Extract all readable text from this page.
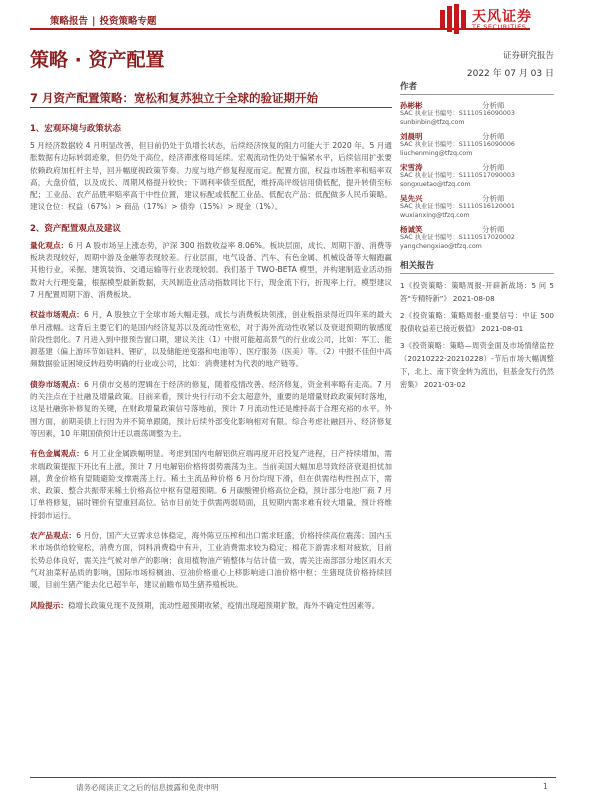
策略报告 | 投资策略专题	天风证券
TF SECURITIES
策略 · 资产配置	证券研究报告
2022 年 07 月 03 日
7 月资产配置策略：宽松和复苏独立于全球的验证期开始
1、宏观环境与政策状态
5 月经济数据较 4 月明显改善，但目前仍处于负增长状态，后续经济恢复的阻力可能大于 2020 年。5 月通胀数据有边际转弱迹象，但仍处于高位，经济滞涨格局延续。宏观流动性仍处于偏紧水平，后续信用扩张要依赖政府加杠杆主导，回升幅度视政策节奏、力度与地产修复程度而定。配置方面，权益市场胜率和赔率双高，大盘价值，以及成长、周期风格提升较快；下调利率债至低配，维持高评级信用债低配，提升转债至标配；工业品、农产品胜率赔率高于中性位置，建议标配或低配工业品、低配农产品；低配做多人民币策略。建议仓位：权益（67%）> 商品（17%）> 债券（15%）> 现金（1%）。
2、资产配置观点及建议
量化观点：6 月 A 股市场呈上涨态势，沪深 300 指数收益率 8.06%。板块层面，成长、周期下游、消费等板块表现较好，周期中游及金融等表现较差。行业层面，电气设备、汽车、有色金属、机械设备等大幅跑赢其他行业，采掘、建筑装饰、交通运输等行业表现较弱。我们基于 TWO-BETA 模型，并构建制造业活动指数对大行理变量，根据模型最新数据，天风制造业活动指数同比下行，现金流下行，折现率上行，模型建议 7 月配置周期下游、消费板块。
权益市场观点：6 月，A 股独立于全球市场大幅走强，成长与消费板块领涨，创业板指录得近四年来的最大单月涨幅。这背后主要它们的是国内经济复苏以及流动性宽松，对于海外流动性收紧以及衰退预期的敏感度阶段性弱化。7 月进入到中报预告窗口期，建议关注（1）中报可能超高景气的行业或公司，比如：军工、能源基建（偏上游环节如硅料、锂矿，以及储能逆变器和电池等）、医疗服务（医美）等。（2）中报不佳但中高频数据验证困境反转趋势明确的行业或公司，比如：消费建材为代表的地产链等。
债券市场观点：6 月债市交易的逻辑在于经济的修复，随着疫情改善、经济修复，资金利率略有走高。7 月的关注点在于社融及增量政策。目前来看，预计央行行动不会太超意外，重要的是增量财政政策何时落地，这是社融弥补修复的关键，在财政增量政策信号落地前，预计 7 月流动性还是维持高于合理充裕的水平。外围方面，前期美债上行因为并不简单跟随，预计后续外部变化影响相对有限。综合考虑社融回升、经济修复等因素，10 年期国债预计还以震荡调整为主。
有色金属观点：6 月工业金属跌幅明显。考虑到国内电解铝供应端再度开启投复产进程，日产持续增加，需求端政策提振下环比有上涨，预计 7 月电解铝价格将弱势震荡为主。当前美国大幅加息导致经济衰退担忧加剧，黄金价格有望随避险支撑震荡上行。稀土主流品种价格 6 月份均现下滑，但在供需结构性拐点下，需求、政策、整合共振带来稀土价格高位中枢有望超预期。6 月碳酸锂价格高位企稳，预计部分电池厂商 7 月订单将修复，届时锂价有望重回高位。钴市目前处于供需两弱局面，且短期内需求难有较大增量，预计将维持弱市运行。
农产品观点：6 月份，国产大豆需求总体稳定，海外陈豆压榨和出口需求旺盛，价格持续高位震荡；国内玉米市场供给较宽松，消费方面，饲料消费稳中有升，工业消费需求较为稳定；棉花下游需求相对疲软，目前长势总体良好，需关注气候对单产的影响；食用植物油产销整体与估计值一致，需关注南部部分地区雨水天气对油菜籽品质的影响，国际市场棕榈油、豆油价格重心上移影响进口油价格中枢；生猪现货价格持续回暖，目前生猪产能去化已超半年，建议前瞻布局生猪养殖板块。
风险提示：稳增长政策兑现不及预期，流动性超预期收紧，疫情出现超预期扩散，海外不确定性因素等。
作者
孙彬彬	分析师
SAC 执业证书编号：S1110516090003
sunbinbin@tfzq.com
刘晨明	分析师
SAC 执业证书编号：S1110516090006
liuchenming@tfzq.com
宋雪涛	分析师
SAC 执业证书编号：S1110517090003
songxuetao@tfzq.com
吴先兴	分析师
SAC 执业证书编号：S1110516120001
wuxianxing@tfzq.com
杨诚笑	分析师
SAC 执业证书编号：S1110517020002
yangchengxiao@tfzq.com
相关报告
1《投资策略：策略周报-开辟新战场：5 问 5 答“专精特新”》 2021-08-08
2《投资策略：策略周报-重要信号：中证 500 股债收益差已接近极值》 2021-08-01
3《投资策略：策略—周资金面及市场情绪监控（20210222-20210228）-节后市场大幅调整下，北上、南下资金转为流出，但基金发行仍然密集》 2021-03-02
请务必阅读正文之后的信息披露和免责申明	1
